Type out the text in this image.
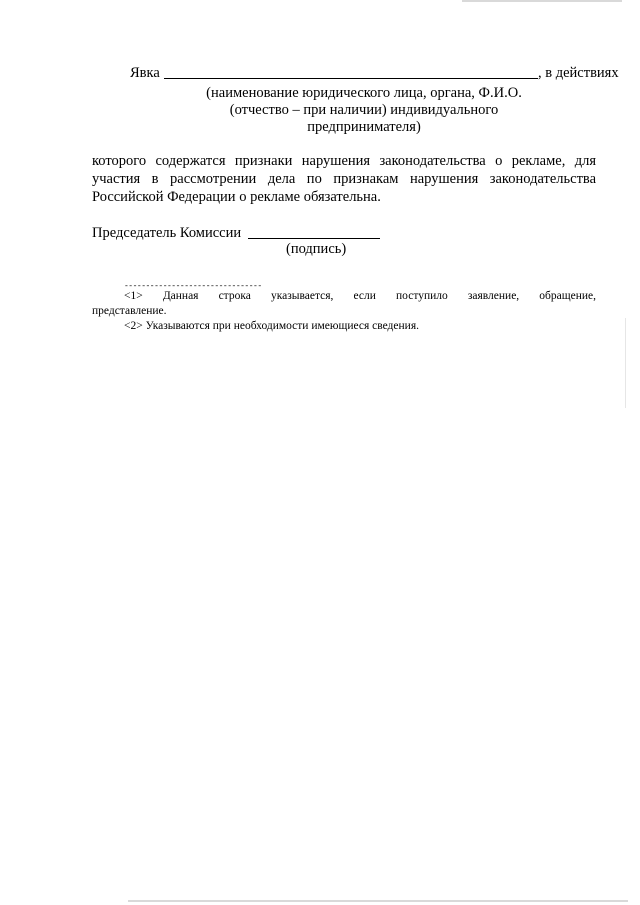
Явка	, в действиях
(наименование юридического лица, органа, Ф.И.О.
(отчество – при наличии) индивидуального
предпринимателя)
которого содержатся признаки нарушения законодательства о рекламе, для
участия в рассмотрении дела по признакам нарушения законодательства
Российской Федерации о рекламе обязательна.
Председатель Комиссии
(подпись)
--------------------------------
<1> Данная строка указывается, если поступило заявление, обращение,
представление.
<2> Указываются при необходимости имеющиеся сведения.
